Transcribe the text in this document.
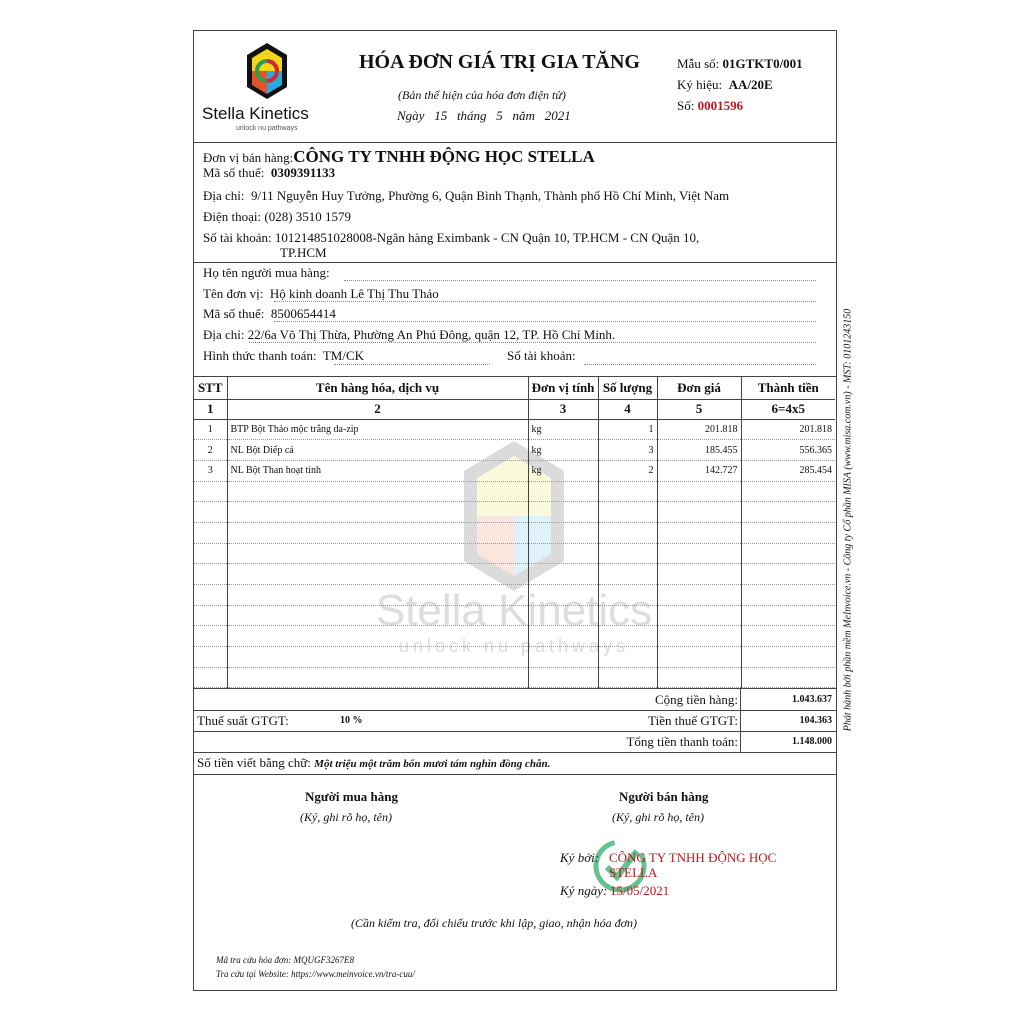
Stella Kinetics
unlock nu pathways
HÓA ĐƠN GIÁ TRỊ GIA TĂNG
(Bản thể hiện của hóa đơn điện tử)
Ngày   15   tháng   5   năm   2021
Mẫu số: 01GTKT0/001
Ký hiệu: AA/20E
Số: 0001596
Đơn vị bán hàng:CÔNG TY TNHH ĐỘNG HỌC STELLA
Mã số thuế: 0309391133
Địa chỉ: 9/11 Nguyễn Huy Tưởng, Phường 6, Quận Bình Thạnh, Thành phố Hồ Chí Minh, Việt Nam
Điện thoại: (028) 3510 1579
Số tài khoản: 101214851028008-Ngân hàng Eximbank - CN Quận 10, TP.HCM - CN Quận 10,
TP.HCM
Họ tên người mua hàng:
Tên đơn vị: Hộ kinh doanh Lê Thị Thu Thảo
Mã số thuế: 8500654414
Địa chỉ: 22/6a Võ Thị Thừa, Phường An Phú Đông, quận 12, TP. Hồ Chí Minh.
Hình thức thanh toán: TM/CK	Số tài khoản:
Stella Kinetics
unlock nu pathways
STT	Tên hàng hóa, dịch vụ	Đơn vị tính	Số lượng	Đơn giá	Thành tiền
1	2	3	4	5	6=4x5
1	BTP Bột Thảo mộc trắng da-zip	kg	1	201.818	201.818
2	NL Bột Diếp cá	kg	3	185.455	556.365
3	NL Bột Than hoạt tính	kg	2	142.727	285.454

Cộng tiền hàng:	1.043.637
Thuế suất GTGT:	10 %	Tiền thuế GTGT:	104.363
Tổng tiền thanh toán:	1.148.000
Số tiền viết bằng chữ: Một triệu một trăm bốn mươi tám nghìn đồng chẵn.
Người mua hàng
(Ký, ghi rõ họ, tên)
Người bán hàng
(Ký, ghi rõ họ, tên)
Ký bởi: CÔNG TY TNHH ĐỘNG HỌC
STELLA
Ký ngày: 15/05/2021
(Cần kiểm tra, đối chiếu trước khi lập, giao, nhận hóa đơn)
Mã tra cứu hóa đơn: MQUGF3267E8
Tra cứu tại Website: https://www.meinvoice.vn/tra-cuu/
Phát hành bởi phần mềm MeInvoice.vn - Công ty Cổ phần MISA (www.misa.com.vn) - MST: 0101243150
